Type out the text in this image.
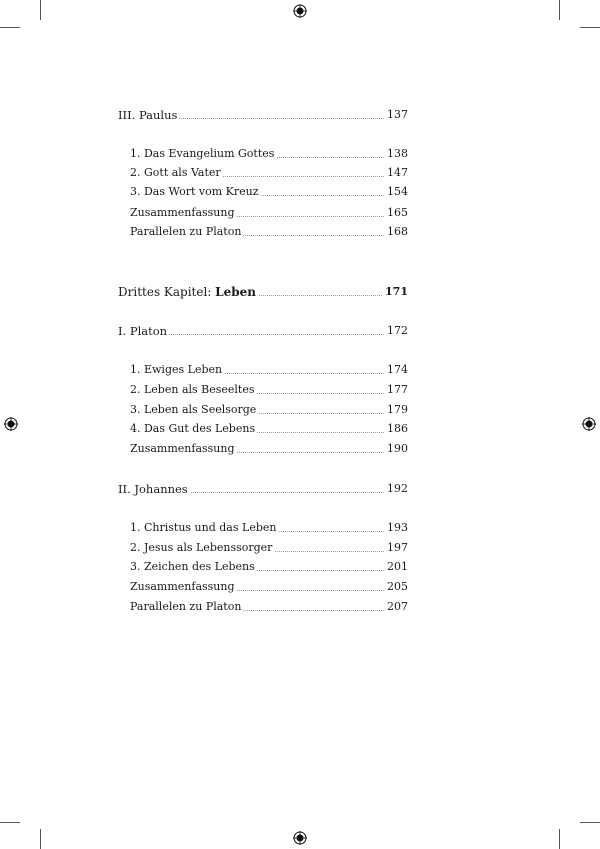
III. Paulus	137
1. Das Evangelium Gottes	138
2. Gott als Vater	147
3. Das Wort vom Kreuz	154
Zusammenfassung	165
Parallelen zu Platon	168
Drittes Kapitel: Leben	171
I. Platon	172
1. Ewiges Leben	174
2. Leben als Beseeltes	177
3. Leben als Seelsorge	179
4. Das Gut des Lebens	186
Zusammenfassung	190
II. Johannes	192
1. Christus und das Leben	193
2. Jesus als Lebenssorger	197
3. Zeichen des Lebens	201
Zusammenfassung	205
Parallelen zu Platon	207
